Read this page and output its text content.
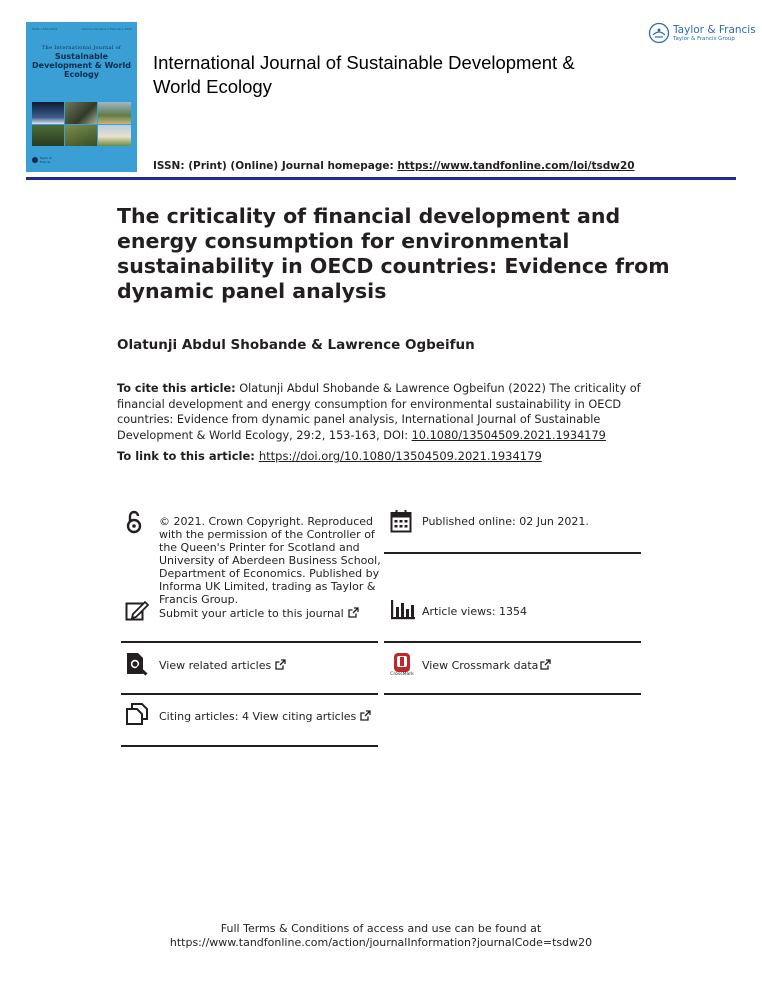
ISSN: 1350-4509	Volume 29 Issue 1 February 2022
The International Journal of
Sustainable Development & World Ecology
Taylor & Francis
International Journal of Sustainable Development & World Ecology
ISSN: (Print) (Online) Journal homepage: https://www.tandfonline.com/loi/tsdw20
Taylor & Francis
Taylor & Francis Group
The criticality of financial development and energy consumption for environmental sustainability in OECD countries: Evidence from dynamic panel analysis
Olatunji Abdul Shobande & Lawrence Ogbeifun
To cite this article: Olatunji Abdul Shobande & Lawrence Ogbeifun (2022) The criticality of financial development and energy consumption for environmental sustainability in OECD countries: Evidence from dynamic panel analysis, International Journal of Sustainable Development & World Ecology, 29:2, 153-163, DOI: 10.1080/13504509.2021.1934179
To link to this article: https://doi.org/10.1080/13504509.2021.1934179
© 2021. Crown Copyright. Reproduced with the permission of the Controller of the Queen's Printer for Scotland and University of Aberdeen Business School, Department of Economics. Published by Informa UK Limited, trading as Taylor & Francis Group.
Published online: 02 Jun 2021.
Submit your article to this journal	Article views: 1354
View related articles
CrossMark
View Crossmark data
Citing articles: 4 View citing articles
Full Terms & Conditions of access and use can be found at
https://www.tandfonline.com/action/journalInformation?journalCode=tsdw20
